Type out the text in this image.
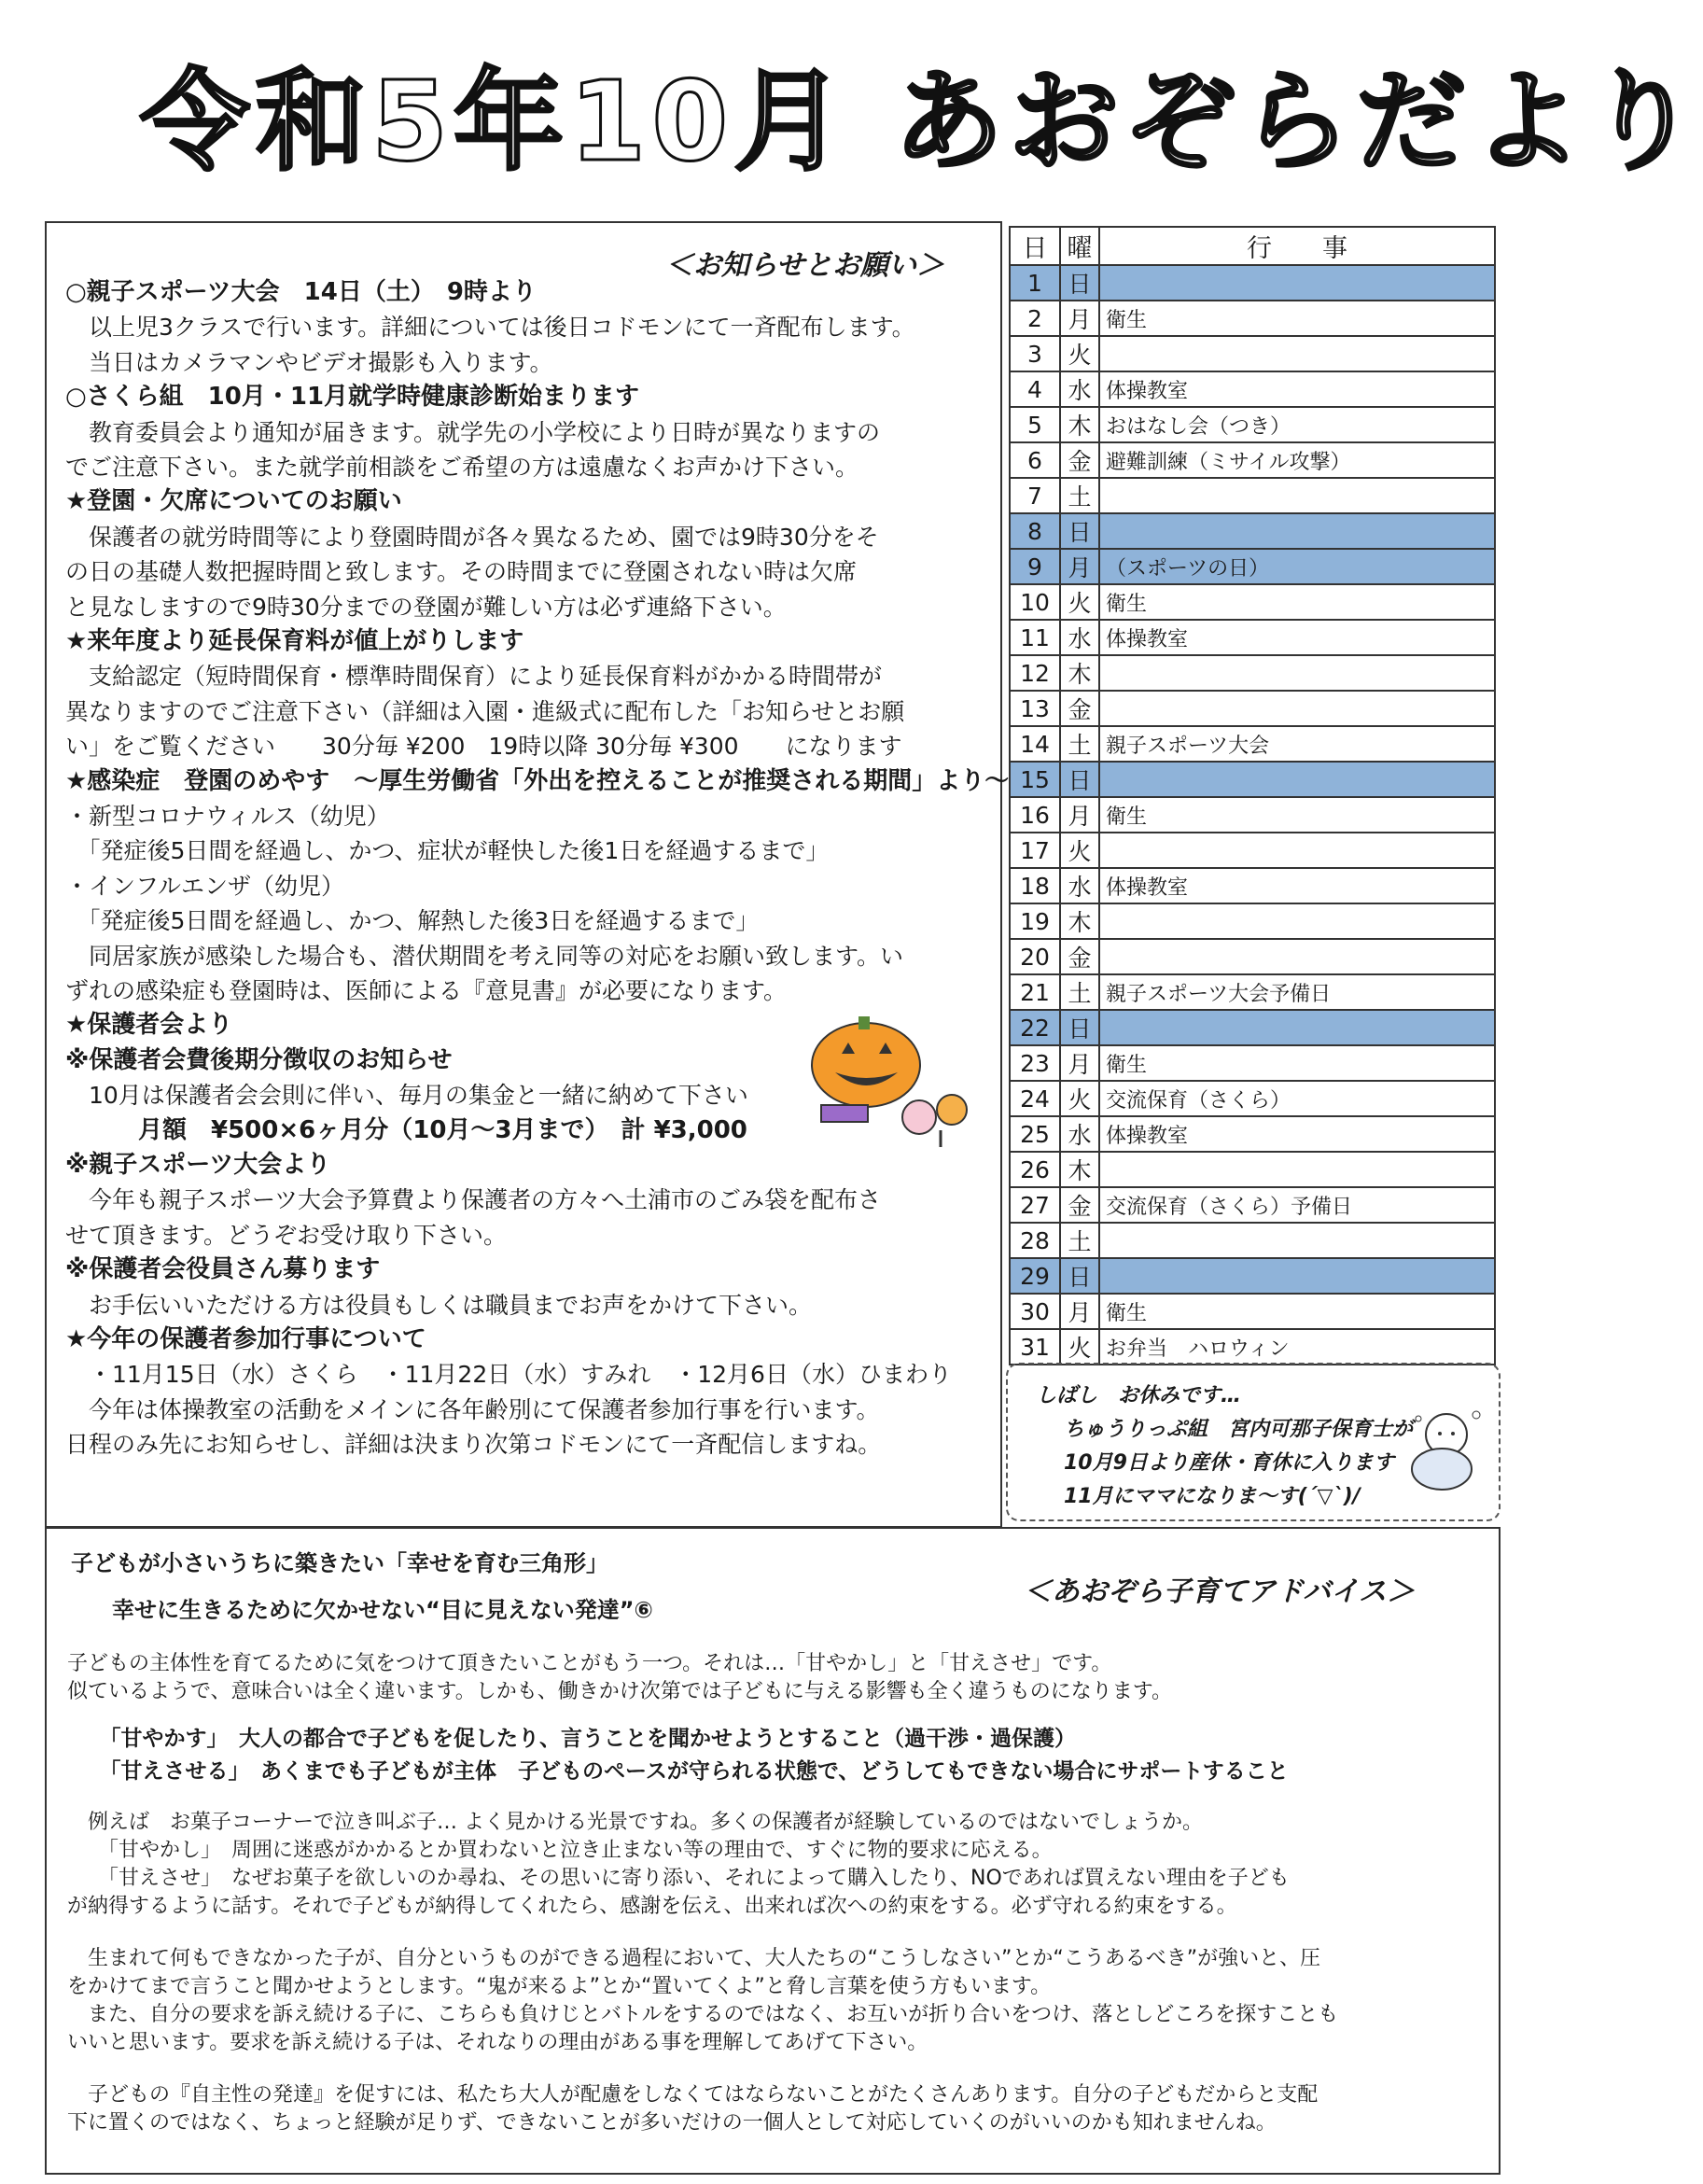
令和5年10月 あおぞらだより
＜お知らせとお願い＞
○親子スポーツ大会　14日（土）　9時より
　以上児3クラスで行います。詳細については後日コドモンにて一斉配布します。
　当日はカメラマンやビデオ撮影も入ります。
○さくら組　10月・11月就学時健康診断始まります
　教育委員会より通知が届きます。就学先の小学校により日時が異なりますの
でご注意下さい。また就学前相談をご希望の方は遠慮なくお声かけ下さい。
★登園・欠席についてのお願い
　保護者の就労時間等により登園時間が各々異なるため、園では9時30分をそ
の日の基礎人数把握時間と致します。その時間までに登園されない時は欠席
と見なしますので9時30分までの登園が難しい方は必ず連絡下さい。
★来年度より延長保育料が値上がりします
　支給認定（短時間保育・標準時間保育）により延長保育料がかかる時間帯が
異なりますのでご注意下さい（詳細は入園・進級式に配布した「お知らせとお願
い」をご覧ください　　30分毎 ¥200　19時以降 30分毎 ¥300　　になります
★感染症　登園のめやす　～厚生労働省「外出を控えることが推奨される期間」より～
・新型コロナウィルス（幼児）
　「発症後5日間を経過し、かつ、症状が軽快した後1日を経過するまで」
・インフルエンザ（幼児）
　「発症後5日間を経過し、かつ、解熱した後3日を経過するまで」
　同居家族が感染した場合も、潜伏期間を考え同等の対応をお願い致します。い
ずれの感染症も登園時は、医師による『意見書』が必要になります。
★保護者会より
※保護者会費後期分徴収のお知らせ
　10月は保護者会会則に伴い、毎月の集金と一緒に納めて下さい
　　　月額　¥500×6ヶ月分（10月～3月まで）　計 ¥3,000
※親子スポーツ大会より
　今年も親子スポーツ大会予算費より保護者の方々へ土浦市のごみ袋を配布さ
せて頂きます。どうぞお受け取り下さい。
※保護者会役員さん募ります
　お手伝いいただける方は役員もしくは職員までお声をかけて下さい。
★今年の保護者参加行事について
　・11月15日（水）さくら　・11月22日（水）すみれ　・12月6日（水）ひまわり
　今年は体操教室の活動をメインに各年齢別にて保護者参加行事を行います。
日程のみ先にお知らせし、詳細は決まり次第コドモンにて一斉配信しますね。
日	曜	行　　事
1	日	
2	月	衛生
3	火	
4	水	体操教室
5	木	おはなし会（つき）
6	金	避難訓練（ミサイル攻撃）
7	土	
8	日	
9	月	（スポーツの日）
10	火	衛生
11	水	体操教室
12	木	
13	金	
14	土	親子スポーツ大会
15	日	
16	月	衛生
17	火	
18	水	体操教室
19	木	
20	金	
21	土	親子スポーツ大会予備日
22	日	
23	月	衛生
24	火	交流保育（さくら）
25	水	体操教室
26	木	
27	金	交流保育（さくら）予備日
28	土	
29	日	
30	月	衛生
31	火	お弁当　ハロウィン
しばし　お休みです…
ちゅうりっぷ組　宮内可那子保育士が
10月9日より産休・育休に入ります
11月にママになりま～す(´▽`)/
子どもが小さいうちに築きたい「幸せを育む三角形」
＜あおぞら子育てアドバイス＞
幸せに生きるために欠かせない“目に見えない発達”⑥
子どもの主体性を育てるために気をつけて頂きたいことがもう一つ。それは…「甘やかし」と「甘えさせ」です。
似ているようで、意味合いは全く違います。しかも、働きかけ次第では子どもに与える影響も全く違うものになります。
　　「甘やかす」　大人の都合で子どもを促したり、言うことを聞かせようとすること（過干渉・過保護）
　　「甘えさせる」　あくまでも子どもが主体　子どものペースが守られる状態で、どうしてもできない場合にサポートすること
　例えば　お菓子コーナーで泣き叫ぶ子… よく見かける光景ですね。多くの保護者が経験しているのではないでしょうか。
　　「甘やかし」　周囲に迷惑がかかるとか買わないと泣き止まない等の理由で、すぐに物的要求に応える。
　　「甘えさせ」　なぜお菓子を欲しいのか尋ね、その思いに寄り添い、それによって購入したり、NOであれば買えない理由を子ども
が納得するように話す。それで子どもが納得してくれたら、感謝を伝え、出来れば次への約束をする。必ず守れる約束をする。
　生まれて何もできなかった子が、自分というものができる過程において、大人たちの“こうしなさい”とか“こうあるべき”が強いと、圧
をかけてまで言うこと聞かせようとします。“鬼が来るよ”とか“置いてくよ”と脅し言葉を使う方もいます。
　また、自分の要求を訴え続ける子に、こちらも負けじとバトルをするのではなく、お互いが折り合いをつけ、落としどころを探すことも
いいと思います。要求を訴え続ける子は、それなりの理由がある事を理解してあげて下さい。
　子どもの『自主性の発達』を促すには、私たち大人が配慮をしなくてはならないことがたくさんあります。自分の子どもだからと支配
下に置くのではなく、ちょっと経験が足りず、できないことが多いだけの一個人として対応していくのがいいのかも知れませんね。
